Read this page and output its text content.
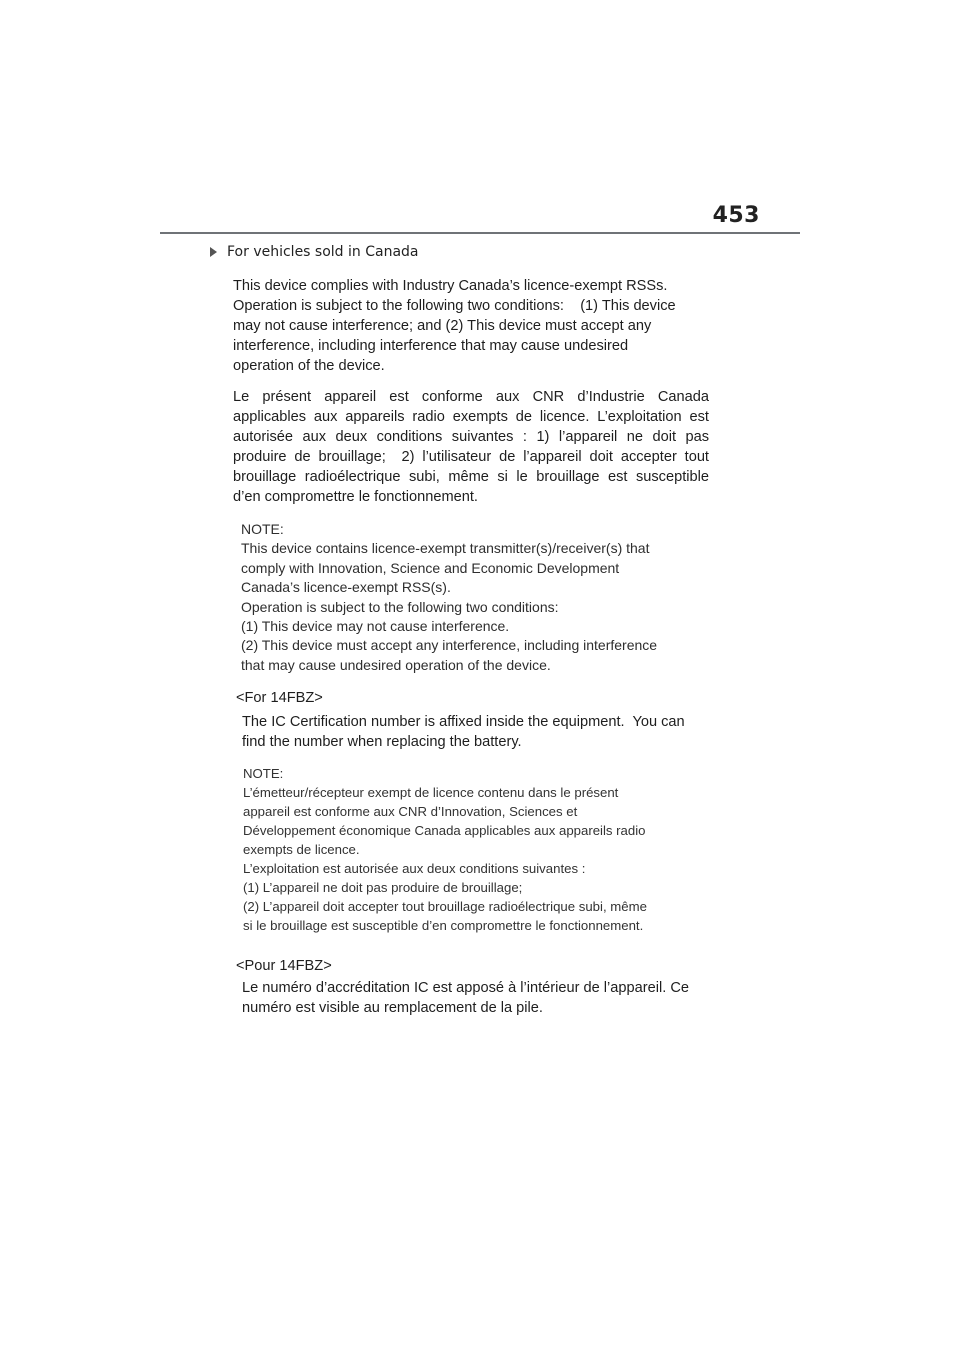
453
For vehicles sold in Canada
This device complies with Industry Canada’s licence-exempt RSSs.
Operation is subject to the following two conditions:    (1) This device
may not cause interference; and (2) This device must accept any
interference, including interference that may cause undesired
operation of the device.
Le présent appareil est conforme aux CNR d’Industrie Canada
applicables aux appareils radio exempts de licence. L’exploitation est
autorisée aux deux conditions suivantes : 1) l’appareil ne doit pas
produire de brouillage;  2) l’utilisateur de l’appareil doit accepter tout
brouillage radioélectrique subi, même si le brouillage est susceptible
d’en compromettre le fonctionnement.
NOTE:
This device contains licence-exempt transmitter(s)/receiver(s) that
comply with Innovation, Science and Economic Development
Canada’s licence-exempt RSS(s).
Operation is subject to the following two conditions:
(1) This device may not cause interference.
(2) This device must accept any interference, including interference
that may cause undesired operation of the device.
<For 14FBZ>
The IC Certification number is affixed inside the equipment.  You can
find the number when replacing the battery.
NOTE:
L’émetteur/récepteur exempt de licence contenu dans le présent
appareil est conforme aux CNR d’Innovation, Sciences et
Développement économique Canada applicables aux appareils radio
exempts de licence.
L’exploitation est autorisée aux deux conditions suivantes :
(1) L’appareil ne doit pas produire de brouillage;
(2) L’appareil doit accepter tout brouillage radioélectrique subi, même
si le brouillage est susceptible d’en compromettre le fonctionnement.
<Pour 14FBZ>
Le numéro d’accréditation IC est apposé à l’intérieur de l’appareil. Ce
numéro est visible au remplacement de la pile.
